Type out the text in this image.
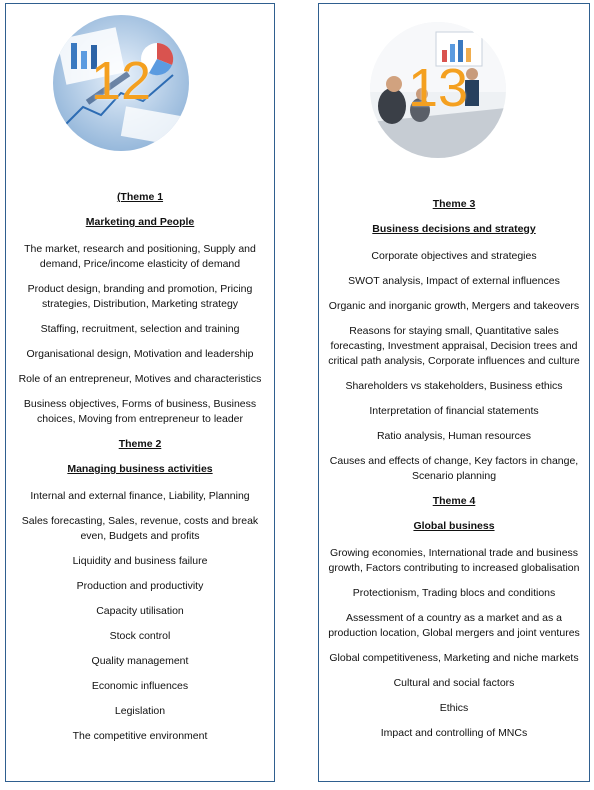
12

(Theme 1

Marketing and People

The market, research and positioning, Supply and demand, Price/income elasticity of demand

Product design, branding and promotion, Pricing strategies, Distribution, Marketing strategy

Staffing, recruitment, selection and training

Organisational design, Motivation and leadership

Role of an entrepreneur, Motives and characteristics

Business objectives, Forms of business, Business choices, Moving from entrepreneur to leader

Theme 2

Managing business activities

Internal and external finance, Liability, Planning

Sales forecasting, Sales, revenue, costs and break even, Budgets and profits

Liquidity and business failure

Production and productivity

Capacity utilisation

Stock control

Quality management

Economic influences

Legislation

The competitive environment

13

Theme 3

Business decisions and strategy

Corporate objectives and strategies

SWOT analysis, Impact of external influences

Organic and inorganic growth, Mergers and takeovers

Reasons for staying small, Quantitative sales forecasting, Investment appraisal, Decision trees and critical path analysis, Corporate influences and culture

Shareholders vs stakeholders, Business ethics

Interpretation of financial statements

Ratio analysis, Human resources

Causes and effects of change, Key factors in change, Scenario planning

Theme 4

Global business

Growing economies, International trade and business growth, Factors contributing to increased globalisation

Protectionism, Trading blocs and conditions

Assessment of a country as a market and as a production location, Global mergers and joint ventures

Global competitiveness, Marketing and niche markets

Cultural and social factors

Ethics

Impact and controlling of MNCs
